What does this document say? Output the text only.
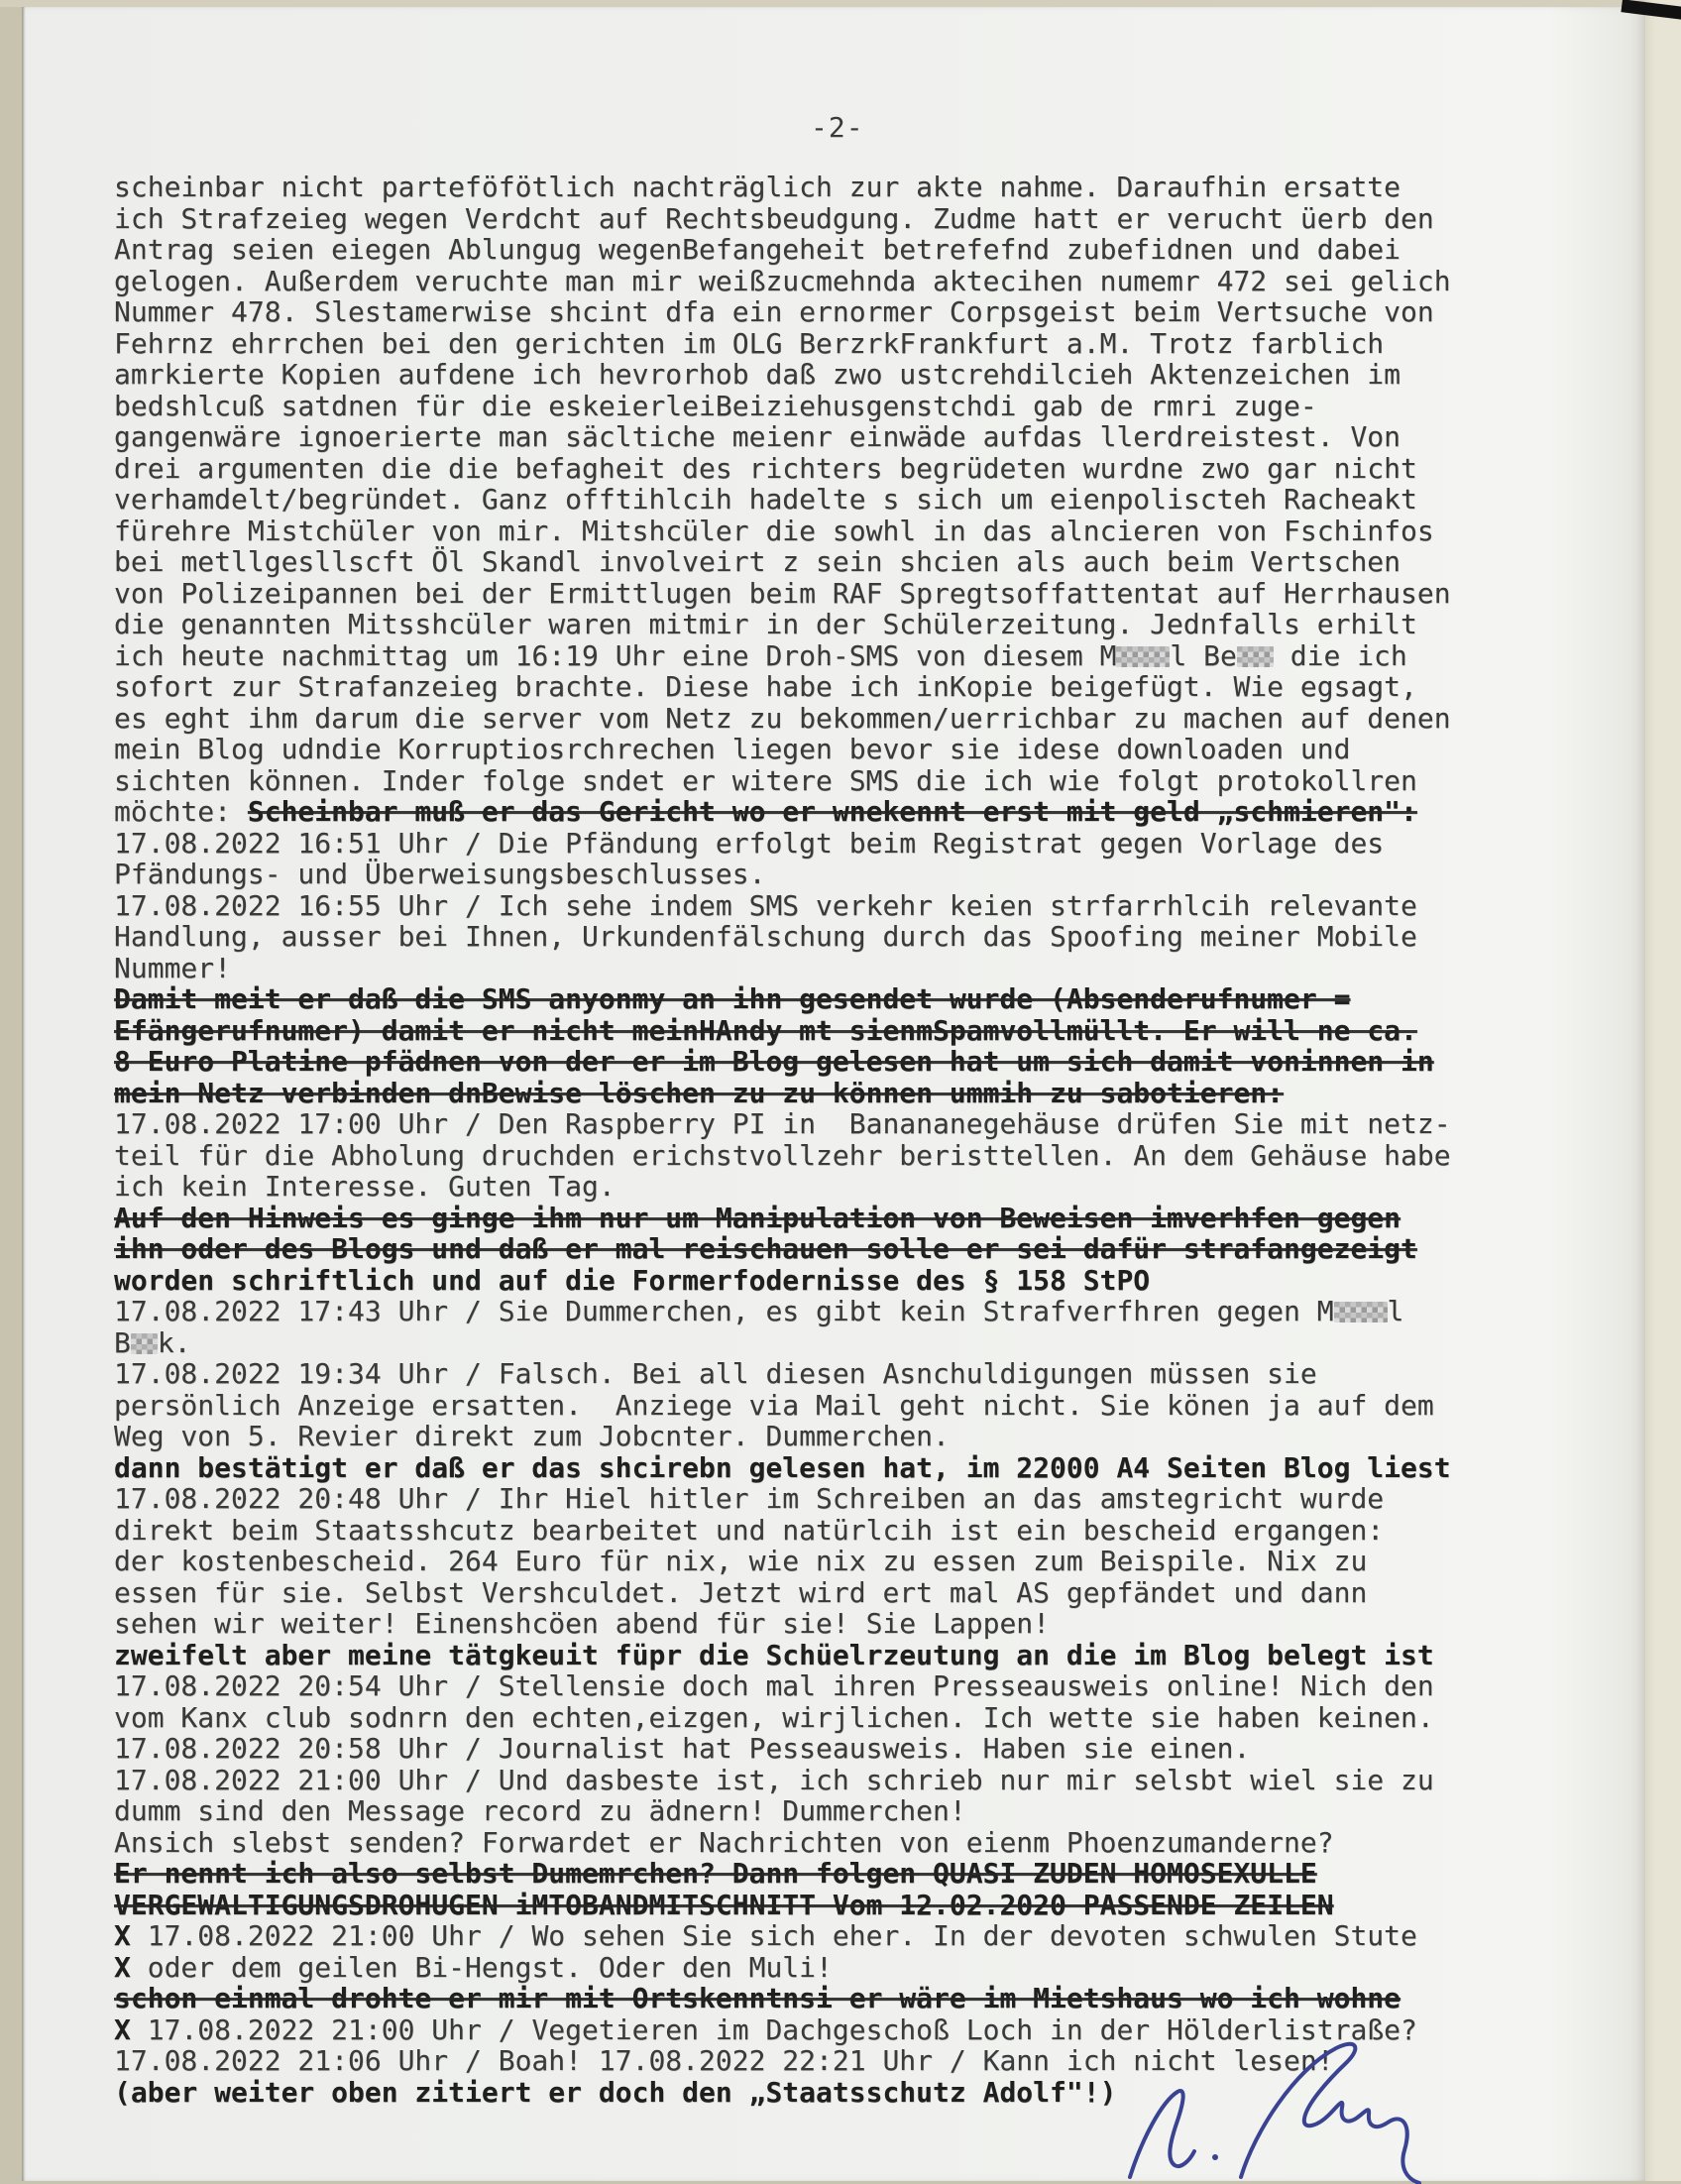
-2-
scheinbar nicht parteföfötlich nachträglich zur akte nahme. Daraufhin ersatte
ich Strafzeieg wegen Verdcht auf Rechtsbeudgung. Zudme hatt er verucht üerb den
Antrag seien eiegen Ablungug wegenBefangeheit betrefefnd zubefidnen und dabei
gelogen. Außerdem veruchte man mir weißzucmehnda aktecihen numemr 472 sei gelich
Nummer 478. Slestamerwise shcint dfa ein ernormer Corpsgeist beim Vertsuche von
Fehrnz ehrrchen bei den gerichten im OLG BerzrkFrankfurt a.M. Trotz farblich
amrkierte Kopien aufdene ich hevrorhob daß zwo ustcrehdilcieh Aktenzeichen im
bedshlcuß satdnen für die eskeierleiBeiziehusgenstchdi gab de rmri zuge-
gangenwäre ignoerierte man säcltiche meienr einwäde aufdas llerdreistest. Von
drei argumenten die die befagheit des richters begrüdeten wurdne zwo gar nicht
verhamdelt/begründet. Ganz offtihlcih hadelte s sich um eienpoliscteh Racheakt
fürehre Mistchüler von mir. Mitshcüler die sowhl in das alncieren von Fschinfos
bei metllgesllscft Öl Skandl involveirt z sein shcien als auch beim Vertschen
von Polizeipannen bei der Ermittlugen beim RAF Spregtsoffattentat auf Herrhausen
die genannten Mitsshcüler waren mitmir in der Schülerzeitung. Jednfalls erhilt
ich heute nachmittag um 16:19 Uhr eine Droh-SMS von diesem M l Be die ich
sofort zur Strafanzeieg brachte. Diese habe ich inKopie beigefügt. Wie egsagt,
es eght ihm darum die server vom Netz zu bekommen/uerrichbar zu machen auf denen
mein Blog udndie Korruptiosrchrechen liegen bevor sie idese downloaden und
sichten können. Inder folge sndet er witere SMS die ich wie folgt protokollren
möchte: Scheinbar muß er das Gericht wo er wnekennt erst mit geld „schmieren":
17.08.2022 16:51 Uhr / Die Pfändung erfolgt beim Registrat gegen Vorlage des
Pfändungs- und Überweisungsbeschlusses.
17.08.2022 16:55 Uhr / Ich sehe indem SMS verkehr keien strfarrhlcih relevante
Handlung, ausser bei Ihnen, Urkundenfälschung durch das Spoofing meiner Mobile
Nummer!
Damit meit er daß die SMS anyonmy an ihn gesendet wurde (Absenderufnumer =
Efängerufnumer) damit er nicht meinHAndy mt sienmSpamvollmüllt. Er will ne ca.
8 Euro Platine pfädnen von der er im Blog gelesen hat um sich damit voninnen in
mein Netz verbinden dnBewise löschen zu zu können ummih zu sabotieren:
17.08.2022 17:00 Uhr / Den Raspberry PI in  Banananegehäuse drüfen Sie mit netz-
teil für die Abholung druchden erichstvollzehr beristtellen. An dem Gehäuse habe
ich kein Interesse. Guten Tag.
Auf den Hinweis es ginge ihm nur um Manipulation von Beweisen imverhfen gegen
ihn oder des Blogs und daß er mal reischauen solle er sei dafür strafangezeigt
worden schriftlich und auf die Formerfodernisse des § 158 StPO
17.08.2022 17:43 Uhr / Sie Dummerchen, es gibt kein Strafverfhren gegen M l
B k.
17.08.2022 19:34 Uhr / Falsch. Bei all diesen Asnchuldigungen müssen sie
persönlich Anzeige ersatten.  Anziege via Mail geht nicht. Sie könen ja auf dem
Weg von 5. Revier direkt zum Jobcnter. Dummerchen.
dann bestätigt er daß er das shcirebn gelesen hat, im 22000 A4 Seiten Blog liest
17.08.2022 20:48 Uhr / Ihr Hiel hitler im Schreiben an das amstegricht wurde
direkt beim Staatsshcutz bearbeitet und natürlcih ist ein bescheid ergangen:
der kostenbescheid. 264 Euro für nix, wie nix zu essen zum Beispile. Nix zu
essen für sie. Selbst Vershculdet. Jetzt wird ert mal AS gepfändet und dann
sehen wir weiter! Einenshcöen abend für sie! Sie Lappen!
zweifelt aber meine tätgkeuit füpr die Schüelrzeutung an die im Blog belegt ist
17.08.2022 20:54 Uhr / Stellensie doch mal ihren Presseausweis online! Nich den
vom Kanx club sodnrn den echten,eizgen, wirjlichen. Ich wette sie haben keinen.
17.08.2022 20:58 Uhr / Journalist hat Pesseausweis. Haben sie einen.
17.08.2022 21:00 Uhr / Und dasbeste ist, ich schrieb nur mir selsbt wiel sie zu
dumm sind den Message record zu ädnern! Dummerchen!
Ansich slebst senden? Forwardet er Nachrichten von eienm Phoenzumanderne?
Er nennt ich also selbst Dumemrchen? Dann folgen QUASI ZUDEN HOMOSEXULLE
VERGEWALTIGUNGSDROHUGEN iMTOBANDMITSCHNITT Vom 12.02.2020 PASSENDE ZEILEN
X 17.08.2022 21:00 Uhr / Wo sehen Sie sich eher. In der devoten schwulen Stute
X oder dem geilen Bi-Hengst. Oder den Muli!
schon einmal drohte er mir mit Ortskenntnsi er wäre im Mietshaus wo ich wohne
X 17.08.2022 21:00 Uhr / Vegetieren im Dachgeschoß Loch in der Hölderlistraße?
17.08.2022 21:06 Uhr / Boah! 17.08.2022 22:21 Uhr / Kann ich nicht lesen!
(aber weiter oben zitiert er doch den „Staatsschutz Adolf"!)
